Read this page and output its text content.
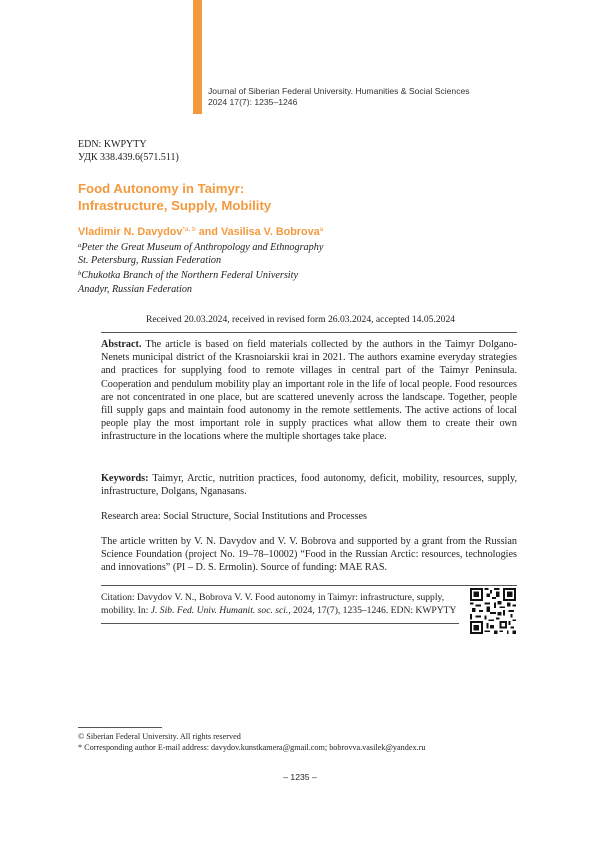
Journal of Siberian Federal University. Humanities & Social Sciences
2024 17(7): 1235–1246
EDN: KWPYTY
УДК 338.439.6(571.511)
Food Autonomy in Taimyr:
Infrastructure, Supply, Mobility
Vladimir N. Davydov$^{*a, b}$ and Vasilisa V. Bobrova$^a$
$^a$Peter the Great Museum of Anthropology and Ethnography
St. Petersburg, Russian Federation
$^b$Chukotka Branch of the Northern Federal University
Anadyr, Russian Federation
Received 20.03.2024, received in revised form 26.03.2024, accepted 14.05.2024
Abstract. The article is based on field materials collected by the authors in the Taimyr Dolgano-Nenets municipal district of the Krasnoiarskii krai in 2021. The authors examine everyday strategies and practices for supplying food to remote villages in central part of the Taimyr Peninsula. Cooperation and pendulum mobility play an important role in the life of local people. Food resources are not concentrated in one place, but are scattered unevenly across the landscape. Together, people fill supply gaps and maintain food autonomy in the remote settlements. The active actions of local people play the most important role in supply practices what allow them to create their own infrastructure in the locations where the multiple shortages take place.
Keywords: Taimyr, Arctic, nutrition practices, food autonomy, deficit, mobility, resources, supply, infrastructure, Dolgans, Nganasans.
Research area: Social Structure, Social Institutions and Processes
The article written by V. N. Davydov and V. V. Bobrova and supported by a grant from the Russian Science Foundation (project No. 19–78–10002) “Food in the Russian Arctic: resources, technologies and innovations” (PI – D. S. Ermolin). Source of funding: MAE RAS.
Citation: Davydov V. N., Bobrova V. V. Food autonomy in Taimyr: infrastructure, supply, mobility. In: J. Sib. Fed. Univ. Humanit. soc. sci., 2024, 17(7), 1235–1246. EDN: KWPYTY
© Siberian Federal University. All rights reserved
* Corresponding author E-mail address: davydov.kunstkamera@gmail.com; bobrovva.vasilek@yandex.ru
– 1235 –
